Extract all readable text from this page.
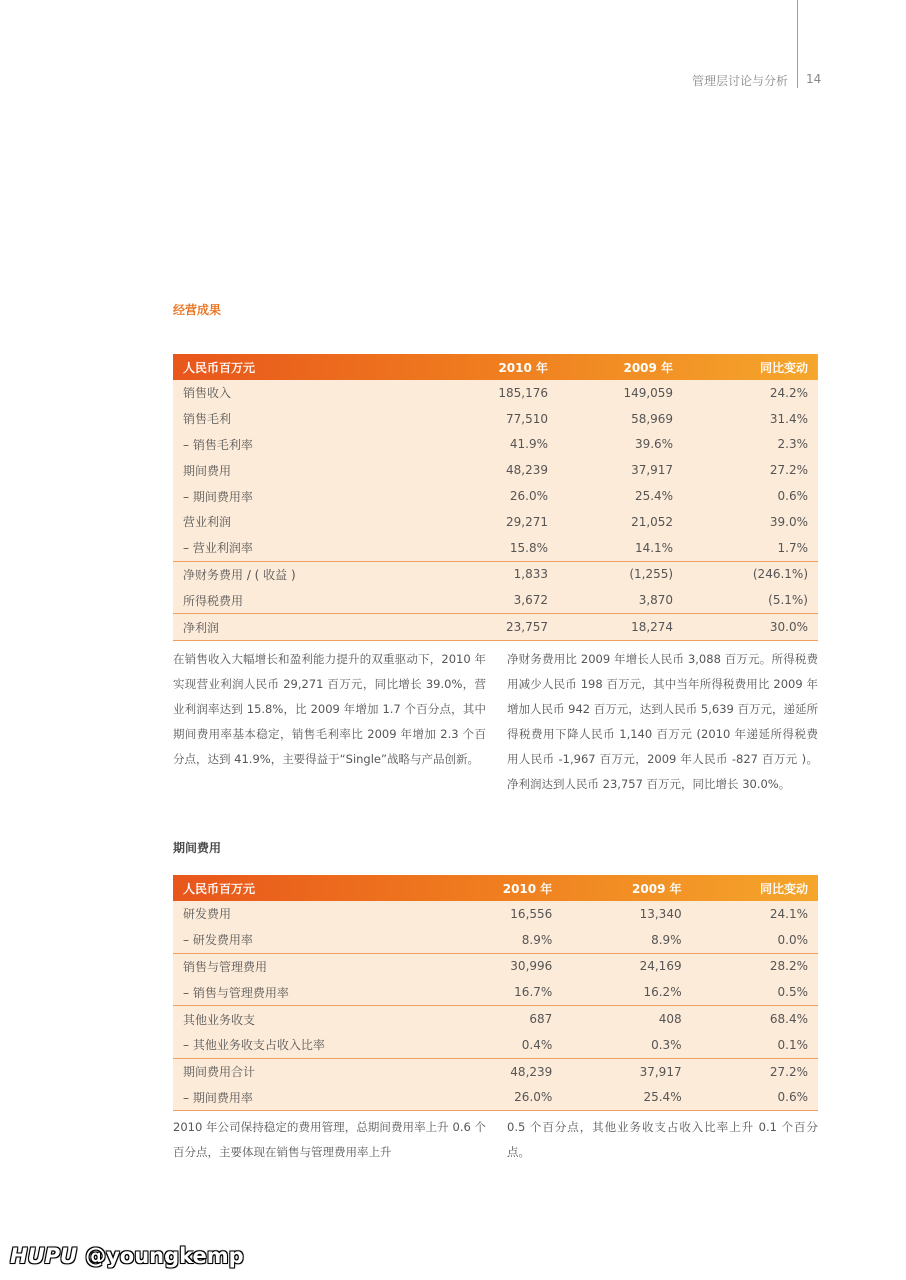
管理层讨论与分析 14
经营成果
人民币百万元	2010 年	2009 年	同比变动
销售收入	185,176	149,059	24.2%
销售毛利	77,510	58,969	31.4%
– 销售毛利率	41.9%	39.6%	2.3%
期间费用	48,239	37,917	27.2%
– 期间费用率	26.0%	25.4%	0.6%
营业利润	29,271	21,052	39.0%
– 营业利润率	15.8%	14.1%	1.7%
净财务费用 / ( 收益 )	1,833	(1,255)	(246.1%)
所得税费用	3,672	3,870	(5.1%)
净利润	23,757	18,274	30.0%

在销售收入大幅增长和盈利能力提升的双重驱动下，2010 年实现营业利润人民币 29,271 百万元，同比增长 39.0%，营业利润率达到 15.8%，比 2009 年增加 1.7 个百分点，其中期间费用率基本稳定，销售毛利率比 2009 年增加 2.3 个百分点，达到 41.9%，主要得益于“Single”战略与产品创新。

净财务费用比 2009 年增长人民币 3,088 百万元。所得税费用减少人民币 198 百万元，其中当年所得税费用比 2009 年增加人民币 942 百万元，达到人民币 5,639 百万元，递延所得税费用下降人民币 1,140 百万元 (2010 年递延所得税费用人民币 -1,967 百万元，2009 年人民币 -827 百万元 )。净利润达到人民币 23,757 百万元，同比增长 30.0%。

期间费用
人民币百万元	2010 年	2009 年	同比变动
研发费用	16,556	13,340	24.1%
– 研发费用率	8.9%	8.9%	0.0%
销售与管理费用	30,996	24,169	28.2%
– 销售与管理费用率	16.7%	16.2%	0.5%
其他业务收支	687	408	68.4%
– 其他业务收支占收入比率	0.4%	0.3%	0.1%
期间费用合计	48,239	37,917	27.2%
– 期间费用率	26.0%	25.4%	0.6%

2010 年公司保持稳定的费用管理，总期间费用率上升 0.6 个百分点，主要体现在销售与管理费用率上升

0.5 个百分点，其他业务收支占收入比率上升 0.1 个百分点。

HUPU @youngkemp
